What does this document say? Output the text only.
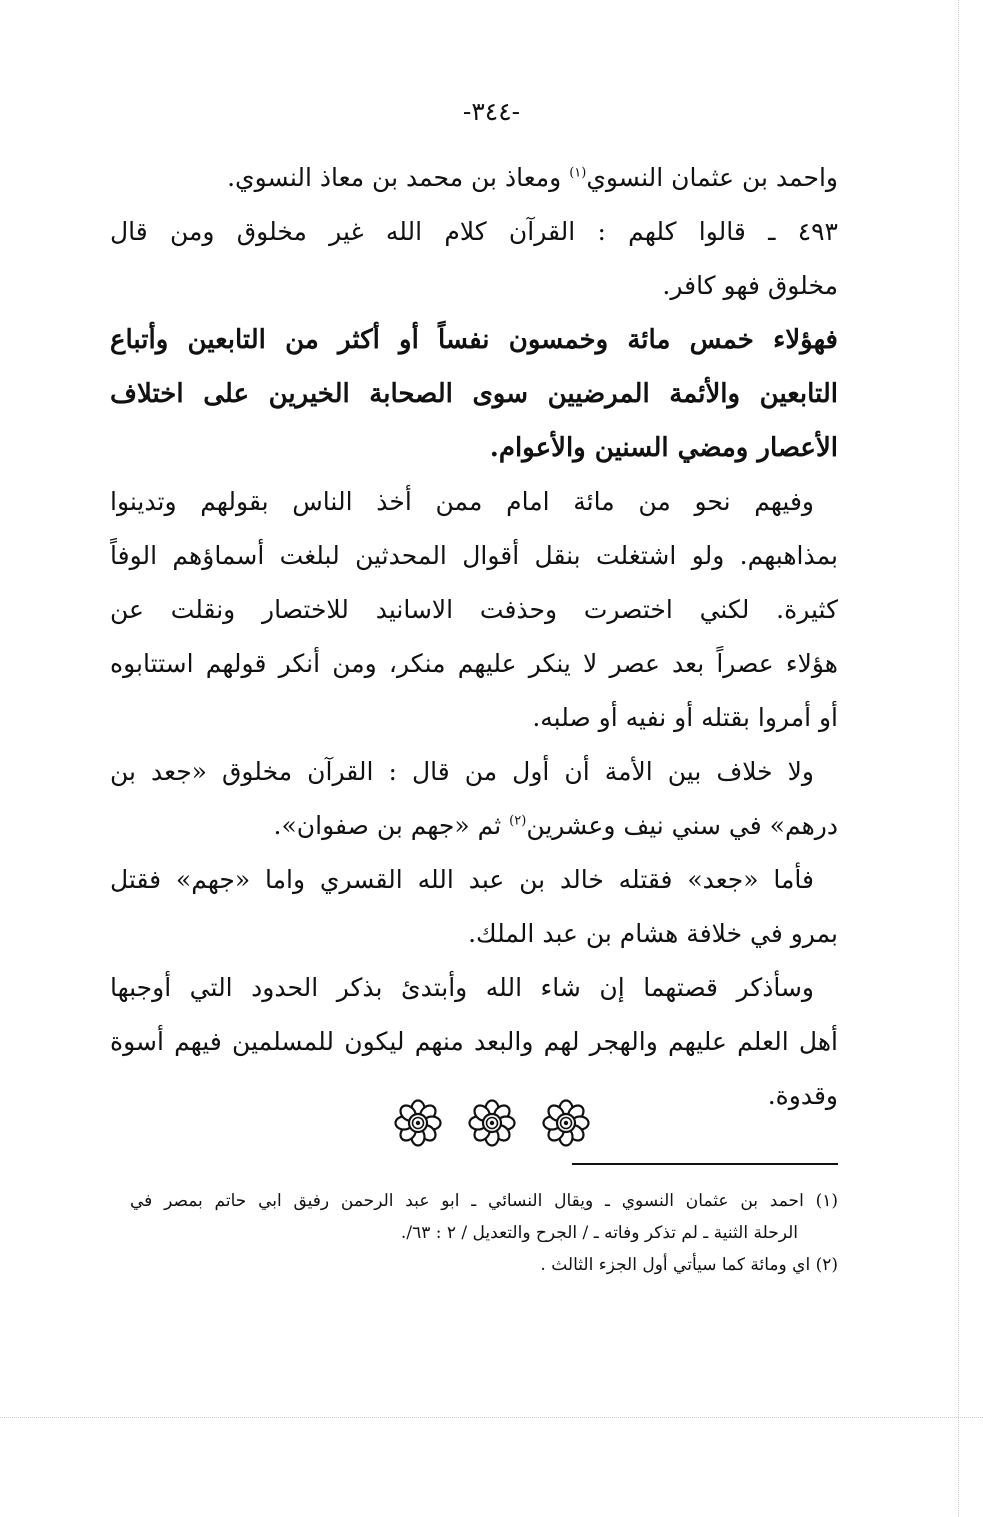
-٣٤٤-
واحمد بن عثمان النسوي$^{(١)}$ ومعاذ بن محمد بن معاذ النسوي.
٤٩٣ ـ قالوا كلهم : القرآن كلام الله غير مخلوق ومن قال
مخلوق فهو كافر.
فهؤلاء خمس مائة وخمسون نفساً أو أكثر من التابعين وأتباع
التابعين والأئمة المرضيين سوى الصحابة الخيرين على اختلاف
الأعصار ومضي السنين والأعوام.
وفيهم نحو من مائة امام ممن أخذ الناس بقولهم وتدينوا
بمذاهبهم. ولو اشتغلت بنقل أقوال المحدثين لبلغت أسماؤهم الوفاً
كثيرة. لكني اختصرت وحذفت الاسانيد للاختصار ونقلت عن
هؤلاء عصراً بعد عصر لا ينكر عليهم منكر، ومن أنكر قولهم استتابوه
أو أمروا بقتله أو نفيه أو صلبه.
ولا خلاف بين الأمة أن أول من قال : القرآن مخلوق «جعد بن
درهم» في سني نيف وعشرين$^{(٢)}$ ثم «جهم بن صفوان».
فأما «جعد» فقتله خالد بن عبد الله القسري واما «جهم» فقتل
بمرو في خلافة هشام بن عبد الملك.
وسأذكر قصتهما إن شاء الله وأبتدئ بذكر الحدود التي أوجبها
أهل العلم عليهم والهجر لهم والبعد منهم ليكون للمسلمين فيهم أسوة
وقدوة.
(١) احمد بن عثمان النسوي ـ ويقال النسائي ـ ابو عبد الرحمن رفيق ابي حاتم بمصر في
الرحلة الثنية ـ لم تذكر وفاته ـ / الجرح والتعديل / ٢ : ٦٣/.
(٢) اي ومائة كما سيأتي أول الجزء الثالث .
